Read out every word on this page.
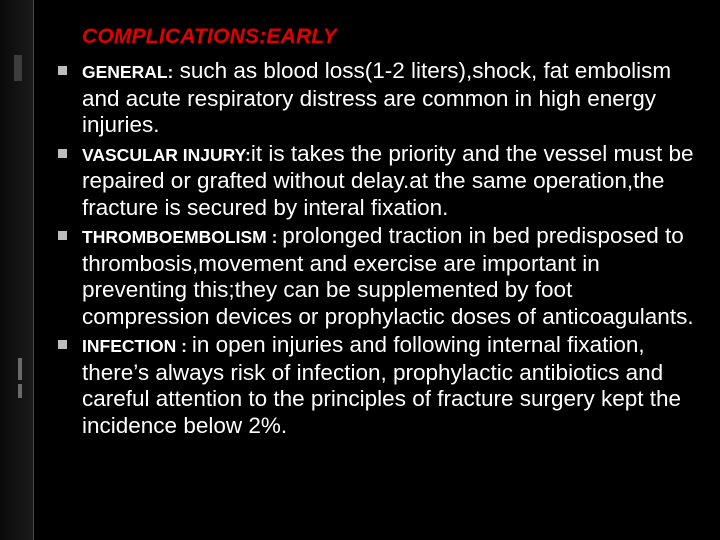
COMPLICATIONS:EARLY
GENERAL: such as blood loss(1-2 liters),shock, fat embolism and acute respiratory distress are common in high energy injuries.
VASCULAR INJURY:it is takes the priority and the vessel must be repaired or grafted without delay.at the same operation,the fracture is secured by interal fixation.
THROMBOEMBOLISM : prolonged traction in bed predisposed to thrombosis,movement and exercise are important in preventing this;they can be supplemented by foot compression devices or prophylactic doses of anticoagulants.
INFECTION : in open injuries and following internal fixation, there’s always risk of infection, prophylactic antibiotics and careful attention to the principles of fracture surgery kept the incidence below 2%.
